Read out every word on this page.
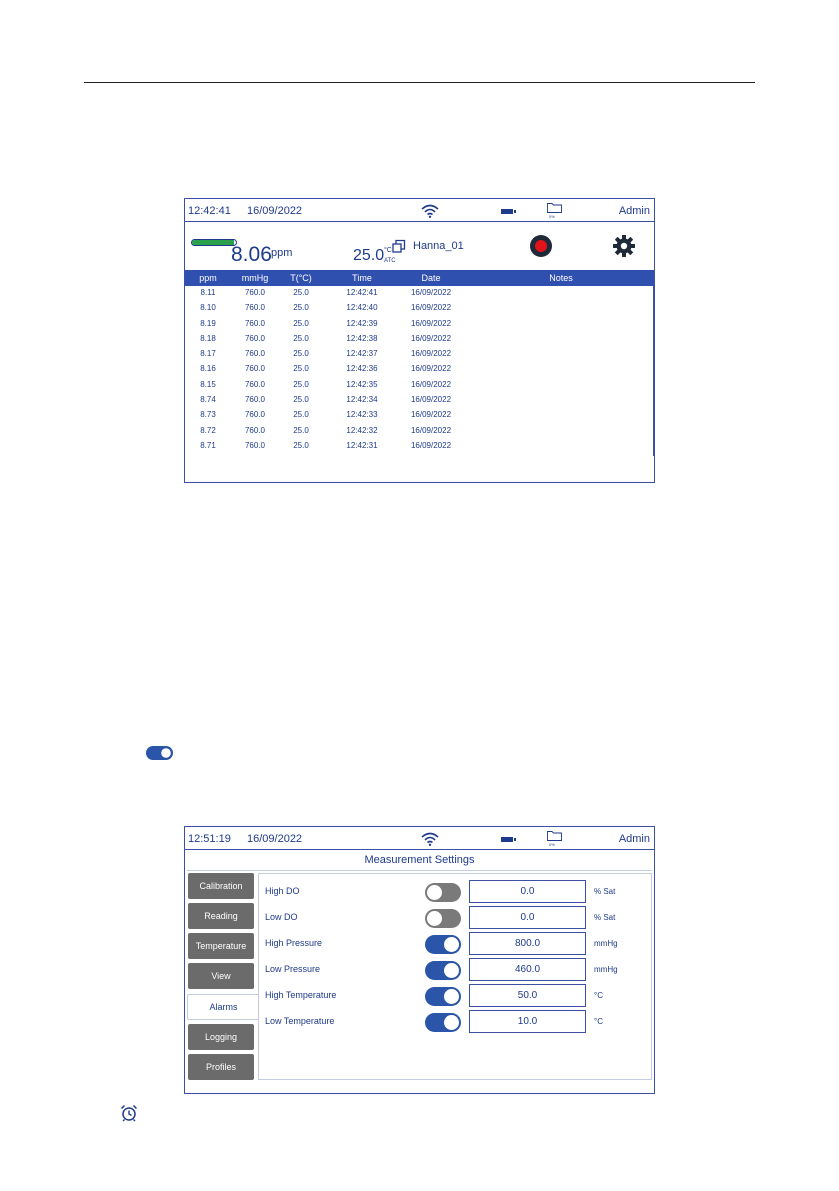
12:42:41 16/09/2022	0%	Admin
8.06 ppm	25.0 °C
ATC
Hanna_01
ppm	mmHg T(°C)	Time	Date	Notes
8.11	760.0	25.0	12:42:41	16/09/2022
8.10	760.0	25.0	12:42:40	16/09/2022
8.19	760.0	25.0	12:42:39	16/09/2022
8.18	760.0	25.0	12:42:38	16/09/2022
8.17	760.0	25.0	12:42:37	16/09/2022
8.16	760.0	25.0	12:42:36	16/09/2022
8.15	760.0	25.0	12:42:35	16/09/2022
8.74	760.0	25.0	12:42:34	16/09/2022
8.73	760.0	25.0	12:42:33	16/09/2022
8.72	760.0	25.0	12:42:32	16/09/2022
8.71	760.0	25.0	12:42:31	16/09/2022
12:51:19 16/09/2022	0%	Admin
Measurement Settings
Calibration
Reading
Temperature
View
Alarms
Logging
Profiles
High DO	0.0	% Sat
Low DO	0.0	% Sat
High Pressure	800.0	mmHg
Low Pressure	460.0	mmHg
High Temperature	50.0	°C
Low Temperature	10.0	°C
